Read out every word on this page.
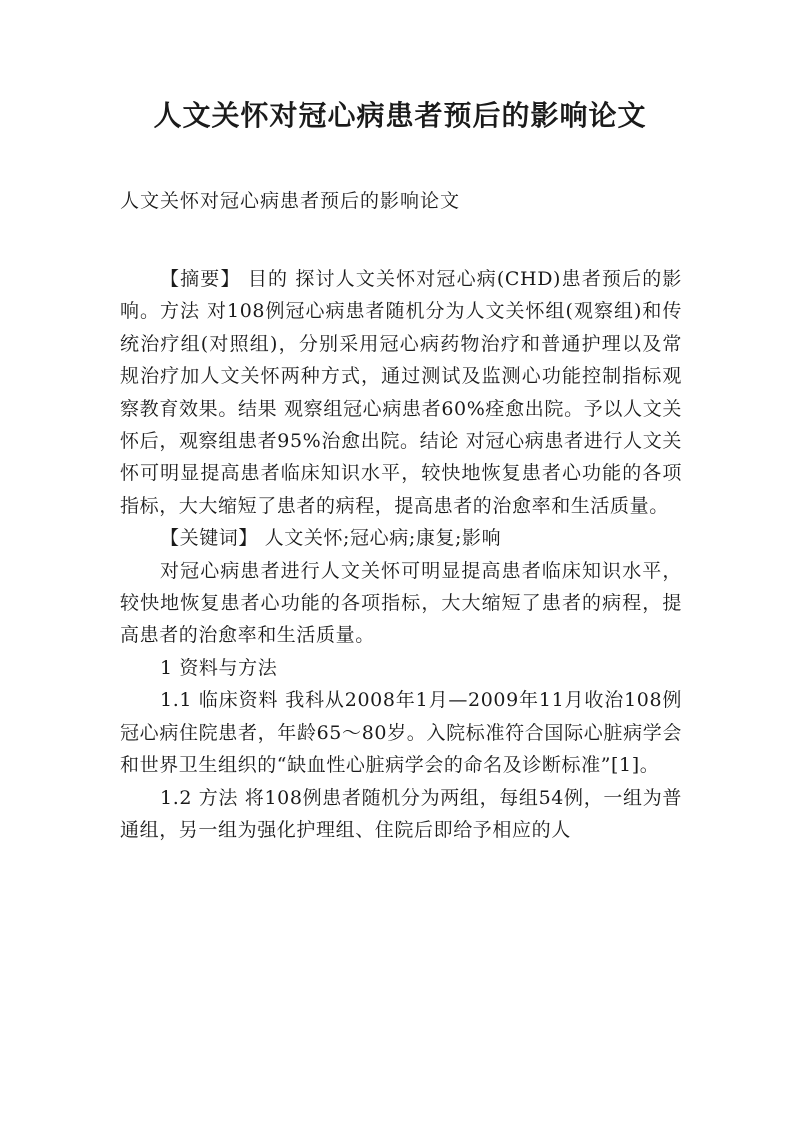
人文关怀对冠心病患者预后的影响论文

人文关怀对冠心病患者预后的影响论文

【摘要】 目的 探讨人文关怀对冠心病(CHD)患者预后的影响。方法 对108例冠心病患者随机分为人文关怀组(观察组)和传统治疗组(对照组)，分别采用冠心病药物治疗和普通护理以及常规治疗加人文关怀两种方式，通过测试及监测心功能控制指标观察教育效果。结果 观察组冠心病患者60%痊愈出院。予以人文关怀后，观察组患者95%治愈出院。结论 对冠心病患者进行人文关怀可明显提高患者临床知识水平，较快地恢复患者心功能的各项指标，大大缩短了患者的病程，提高患者的治愈率和生活质量。

【关键词】 人文关怀;冠心病;康复;影响

对冠心病患者进行人文关怀可明显提高患者临床知识水平，较快地恢复患者心功能的各项指标，大大缩短了患者的病程，提高患者的治愈率和生活质量。

1 资料与方法

1.1 临床资料 我科从2008年1月—2009年11月收治108例冠心病住院患者，年龄65～80岁。入院标准符合国际心脏病学会和世界卫生组织的“缺血性心脏病学会的命名及诊断标准”[1]。

1.2 方法 将108例患者随机分为两组，每组54例，一组为普通组，另一组为强化护理组、住院后即给予相应的人
